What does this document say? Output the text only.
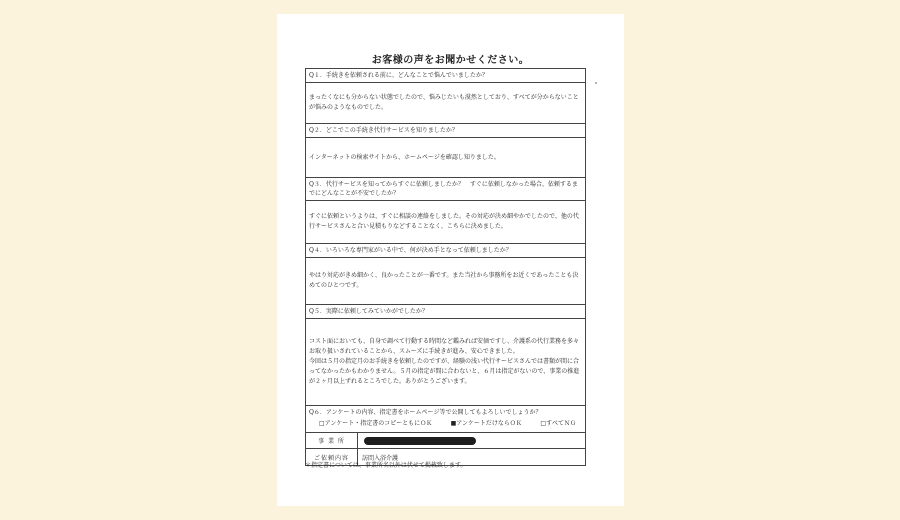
お客様の声をお聞かせください。
Q１．手続きを依頼される前に、どんなことで悩んでいましたか？

まったくなにも分からない状態でしたので、悩みじたいも漠然としており、すべてが分からないことが悩みのようなものでした。

Q２．どこでこの手続き代行サービスを知りましたか？

インターネットの検索サイトから、ホームページを確認し知りました。

Q３．代行サービスを知ってからすぐに依頼しましたか？　すぐに依頼しなかった場合、依頼するまでにどんなことが不安でしたか？

すぐに依頼というよりは、すぐに相談の連絡をしました。その対応が決め細やかでしたので、他の代行サービスさんと合い見積もりなどすることなく、こちらに決めました。

Q４．いろいろな専門家がいる中で、何が決め手となって依頼しましたか？

やはり対応がきめ細かく、良かったことが一番です。また当社から事務所をお近くであったことも決めてのひとつです。

Q５．実際に依頼してみていかがでしたか？

コスト面においても、自身で調べて行動する時間など鑑みれば安価ですし、介護系の代行業務を多々お取り扱いされていることから、スムーズに手続きが進み、安心できました。

今回は５月の指定月のお手続きを依頼したのですが、経験の浅い代行サービスさんでは書類が間に合ってなかったかもわかりません。５月の指定が間に合わないと、６月は指定がないので、事業の推進が２ヶ月以上ずれるところでした。ありがとうございます。

Q６．アンケートの内容、指定書をホームページ等で公開してもよろしいでしょうか？
□アンケート・指定書のコピーともにＯＫ	■アンケートだけならＯＫ	□すべてＮＧ
事 業 所
ご依頼内容	訪問入浴介護
＊指定書については、事業所名以外は伏せて掲載致します。
